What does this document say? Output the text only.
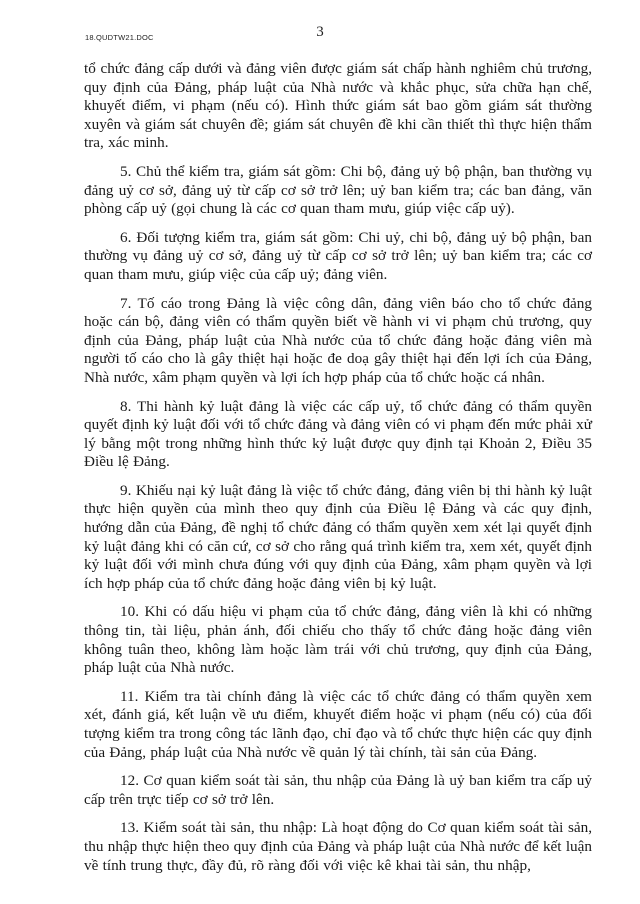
18.QUDTW21.DOC	3

tổ chức đảng cấp dưới và đảng viên được giám sát chấp hành nghiêm chủ trương, quy định của Đảng, pháp luật của Nhà nước và khắc phục, sửa chữa hạn chế, khuyết điểm, vi phạm (nếu có). Hình thức giám sát bao gồm giám sát thường xuyên và giám sát chuyên đề; giám sát chuyên đề khi cần thiết thì thực hiện thẩm tra, xác minh.

5. Chủ thể kiểm tra, giám sát gồm: Chi bộ, đảng uỷ bộ phận, ban thường vụ đảng uỷ cơ sở, đảng uỷ từ cấp cơ sở trở lên; uỷ ban kiểm tra; các ban đảng, văn phòng cấp uỷ (gọi chung là các cơ quan tham mưu, giúp việc cấp uỷ).

6. Đối tượng kiểm tra, giám sát gồm: Chi uỷ, chi bộ, đảng uỷ bộ phận, ban thường vụ đảng uỷ cơ sở, đảng uỷ từ cấp cơ sở trở lên; uỷ ban kiểm tra; các cơ quan tham mưu, giúp việc của cấp uỷ; đảng viên.

7. Tố cáo trong Đảng là việc công dân, đảng viên báo cho tổ chức đảng hoặc cán bộ, đảng viên có thẩm quyền biết về hành vi vi phạm chủ trương, quy định của Đảng, pháp luật của Nhà nước của tổ chức đảng hoặc đảng viên mà người tố cáo cho là gây thiệt hại hoặc đe doạ gây thiệt hại đến lợi ích của Đảng, Nhà nước, xâm phạm quyền và lợi ích hợp pháp của tổ chức hoặc cá nhân.

8. Thi hành kỷ luật đảng là việc các cấp uỷ, tổ chức đảng có thẩm quyền quyết định kỷ luật đối với tổ chức đảng và đảng viên có vi phạm đến mức phải xử lý bằng một trong những hình thức kỷ luật được quy định tại Khoản 2, Điều 35 Điều lệ Đảng.

9. Khiếu nại kỷ luật đảng là việc tổ chức đảng, đảng viên bị thi hành kỷ luật thực hiện quyền của mình theo quy định của Điều lệ Đảng và các quy định, hướng dẫn của Đảng, đề nghị tổ chức đảng có thẩm quyền xem xét lại quyết định kỷ luật đảng khi có căn cứ, cơ sở cho rằng quá trình kiểm tra, xem xét, quyết định kỷ luật đối với mình chưa đúng với quy định của Đảng, xâm phạm quyền và lợi ích hợp pháp của tổ chức đảng hoặc đảng viên bị kỷ luật.

10. Khi có dấu hiệu vi phạm của tổ chức đảng, đảng viên là khi có những thông tin, tài liệu, phản ánh, đối chiếu cho thấy tổ chức đảng hoặc đảng viên không tuân theo, không làm hoặc làm trái với chủ trương, quy định của Đảng, pháp luật của Nhà nước.

11. Kiểm tra tài chính đảng là việc các tổ chức đảng có thẩm quyền xem xét, đánh giá, kết luận về ưu điểm, khuyết điểm hoặc vi phạm (nếu có) của đối tượng kiểm tra trong công tác lãnh đạo, chỉ đạo và tổ chức thực hiện các quy định của Đảng, pháp luật của Nhà nước về quản lý tài chính, tài sản của Đảng.

12. Cơ quan kiểm soát tài sản, thu nhập của Đảng là uỷ ban kiểm tra cấp uỷ cấp trên trực tiếp cơ sở trở lên.

13. Kiểm soát tài sản, thu nhập: Là hoạt động do Cơ quan kiểm soát tài sản, thu nhập thực hiện theo quy định của Đảng và pháp luật của Nhà nước để kết luận về tính trung thực, đầy đủ, rõ ràng đối với việc kê khai tài sản, thu nhập,
